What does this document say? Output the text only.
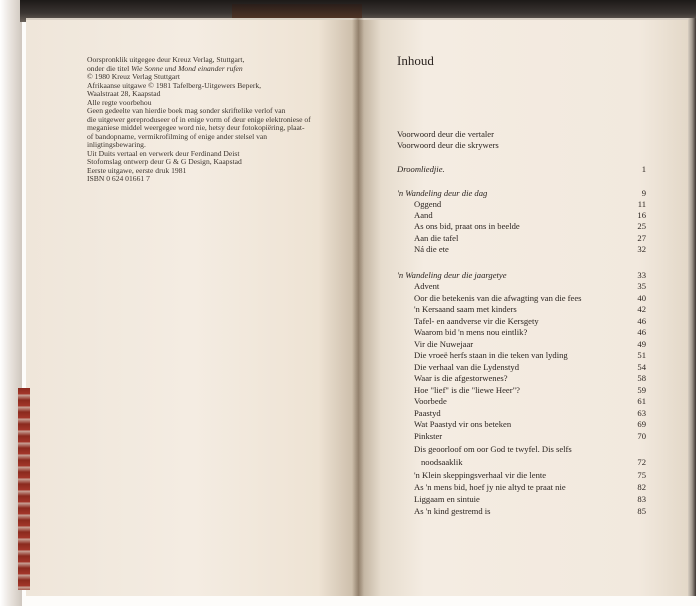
Oorspronklik uitgegee deur Kreuz Verlag, Stuttgart,
onder die titel Wie Sonne und Mond einander rufen
© 1980 Kreuz Verlag Stuttgart
Afrikaanse uitgawe © 1981 Tafelberg-Uitgewers Beperk,
Waalstraat 28, Kaapstad
Alle regte voorbehou
Geen gedeelte van hierdie boek mag sonder skriftelike verlof van
die uitgewer gereproduseer of in enige vorm of deur enige elektroniese of
meganiese middel weergegee word nie, hetsy deur fotokopiëring, plaat-
of bandopname, vermikrofilming of enige ander stelsel van
inligtingsbewaring.
Uit Duits vertaal en verwerk deur Ferdinand Deist
Stofomslag ontwerp deur G & G Design, Kaapstad
Eerste uitgawe, eerste druk 1981
ISBN 0 624 01661 7
Inhoud
Voorwoord deur die vertaler
Voorwoord deur die skrywers
Droomliedjie.	1
'n Wandeling deur die dag	9
Oggend	11
Aand	16
As ons bid, praat ons in beelde	25
Aan die tafel	27
Ná die ete	32
'n Wandeling deur die jaargetye	33
Advent	35
Oor die betekenis van die afwagting van die fees	40
'n Kersaand saam met kinders	42
Tafel- en aandverse vir die Kersgety	46
Waarom bid 'n mens nou eintlik?	46
Vir die Nuwejaar	49
Die vroeë herfs staan in die teken van lyding	51
Die verhaal van die Lydenstyd	54
Waar is die afgestorwenes?	58
Hoe "lief" is die "liewe Heer"?	59
Voorbede	61
Paastyd	63
Wat Paastyd vir ons beteken	69
Pinkster	70
Dis geoorloof om oor God te twyfel. Dis selfs
noodsaaklik	72
'n Klein skeppingsverhaal vir die lente	75
As 'n mens bid, hoef jy nie altyd te praat nie	82
Liggaam en sintuie	83
As 'n kind gestremd is	85
